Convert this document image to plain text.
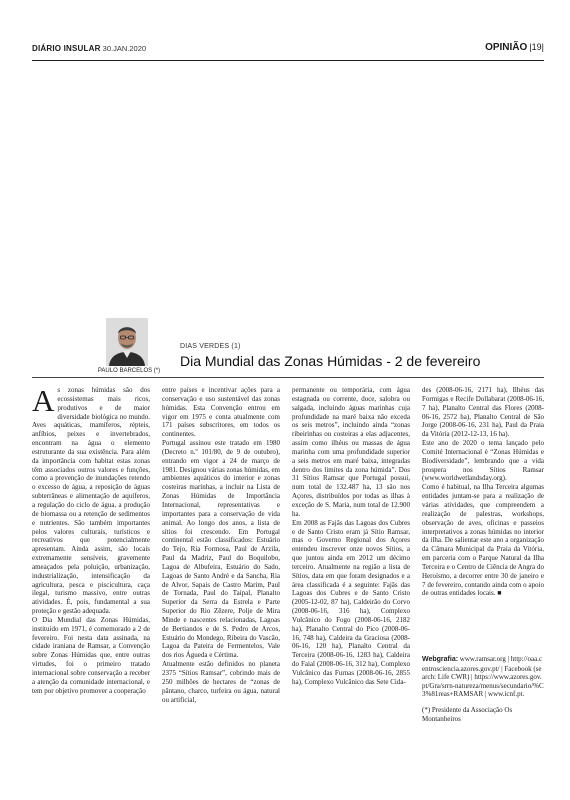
DIÁRIO INSULAR 30.JAN.2020	OPINIÃO |19|
PAULO BARCELOS (*)
DIAS VERDES (1)
Dia Mundial das Zonas Húmidas - 2 de fevereiro

As zonas húmidas são dos ecossistemas mais ricos, produtivos e de maior diversidade biológica no mundo. Aves aquáticas, mamíferos, répteis, anfíbios, peixes e invertebrados, encontram na água o elemento estruturante da sua existência. Para além da importância com habitat estas zonas têm associados outros valores e funções, como a prevenção de inundações retendo o excesso de água, a reposição de águas subterrâneas e alimentação de aquíferos, a regulação do ciclo de água, a produção de biomassa ou a retenção de sedimentos e nutrientes. São também importantes pelos valores culturais, turísticos e recreativos que potencialmente apresentam. Ainda assim, são locais extremamente sensíveis, gravemente ameaçados pela poluição, urbanização, industrialização, intensificação da agricultura, pesca e piscicultura, caça ilegal, turismo massivo, entre outras atividades. É, pois, fundamental a sua proteção e gestão adequada.

O Dia Mundial das Zonas Húmidas, instituído em 1971, é comemorado a 2 de fevereiro. Foi nesta data assinada, na cidade iraniana de Ramsar, a Convenção sobre Zonas Húmidas que, entre outras virtudes, foi o primeiro tratado internacional sobre conservação a receber a atenção da comunidade internacional, e tem por objetivo promover a cooperação

entre países e incentivar ações para a conservação e uso sustentável das zonas húmidas. Esta Convenção entrou em vigor em 1975 e conta atualmente com 171 países subscritores, em todos os continentes.

Portugal assinou este tratado em 1980 (Decreto n.º 101/80, de 9 de outubro), entrando em vigor a 24 de março de 1981. Designou várias zonas húmidas, em ambientes aquáticos do interior e zonas costeiras marinhas, a incluir na Lista de Zonas Húmidas de Importância Internacional, representativas e importantes para a conservação de vida animal. Ao longo dos anos, a lista de sítios foi crescendo. Em Portugal continental estão classificados: Estuário do Tejo, Ria Formosa, Paul de Arzila, Paul da Madriz, Paul do Boquilobo, Lagoa de Albufeira, Estuário do Sado, Lagoas de Santo André e da Sancha, Ria de Alvor, Sapais de Castro Marim, Paul de Tornada, Paul do Taipal, Planalto Superior da Serra da Estrela e Parte Superior do Rio Zêzere, Polje de Mira Minde e nascentes relacionadas, Lagoas de Bertiandos e de S. Pedro de Arcos, Estuário do Mondego, Ribeira do Vascão, Lagoa da Pateira de Fermentelos, Vale dos rios Águeda e Cértima.

Atualmente estão definidos no planeta 2375 “Sítios Ramsar”, cobrindo mais de 250 milhões de hectares de “zonas de pântano, charco, turfeira ou água, natural ou artificial,

permanente ou temporária, com água estagnada ou corrente, doce, salobra ou salgada, incluindo águas marinhas cuja profundidade na maré baixa não exceda os seis metros”, incluindo ainda “zonas ribeirinhas ou costeiras a elas adjacentes, assim como ilhéus ou massas de água marinha com uma profundidade superior a seis metros em maré baixa, integradas dentro dos limites da zona húmida”. Dos 31 Sítios Ramsar que Portugal possui, num total de 132.487 ha, 13 são nos Açores, distribuídos por todas as ilhas à exceção de S. Maria, num total de 12.900 ha.

Em 2008 as Fajãs das Lagoas dos Cubres e de Santo Cristo eram já Sítio Ramsar, mas o Governo Regional dos Açores entendeu inscrever onze novos Sítios, a que juntou ainda em 2012 um décimo terceiro. Atualmente na região a lista de Sítios, data em que foram designados e a área classificada é a seguinte: Fajãs das Lagoas dos Cubres e de Santo Cristo (2005-12-02, 87 ha), Caldeirão do Corvo (2008-06-16, 316 ha), Complexo Vulcânico do Fogo (2008-06-16, 2182 ha), Planalto Central do Pico (2008-06-16, 748 ha), Caldeira da Graciosa (2008-06-16, 120 ha), Planalto Central da Terceira (2008-06-16, 1283 ha), Caldeira do Faial (2008-06-16, 312 ha), Complexo Vulcânico das Furnas (2008-06-16, 2855 ha), Complexo Vulcânico das Sete Cida-

des (2008-06-16, 2171 ha), Ilhéus das Formigas e Recife Dollabarat (2008-06-16, 7 ha), Planalto Central das Flores (2008-06-16, 2572 ha), Planalto Central de São Jorge (2008-06-16, 231 ha), Paul da Praia da Vitória (2012-12-13, 16 ha).

Este ano de 2020 o tema lançado pelo Comité Internacional é “Zonas Húmidas e Biodiversidade”, lembrando que a vida prospera nos Sítios Ramsar (www.worldwetlandsday.org).

Como é habitual, na Ilha Terceira algumas entidades juntam-se para a realização de várias atividades, que compreendem a realização de palestras, workshops, observação de aves, oficinas e passeios interpretativos a zonas húmidas no interior da ilha. De salientar este ano a organização da Câmara Municipal da Praia da Vitória, em parceria com o Parque Natural da Ilha Terceira e o Centro de Ciência de Angra do Heroísmo, a decorrer entre 30 de janeiro e 7 de fevereiro, contando ainda com o apoio de outras entidades locais. ■

Webgrafia: www.ramsar.org | http://oaa.centrosciencia.azores.gov.pt/ | Facebook (search: Life CWR) | https://www.azores.gov.pt/Gra/srrn-natureza/menus/secundario/%C3%81reas+RAMSAR | www.icnf.pt.
(*) Presidente da Associação Os Montanheiros
